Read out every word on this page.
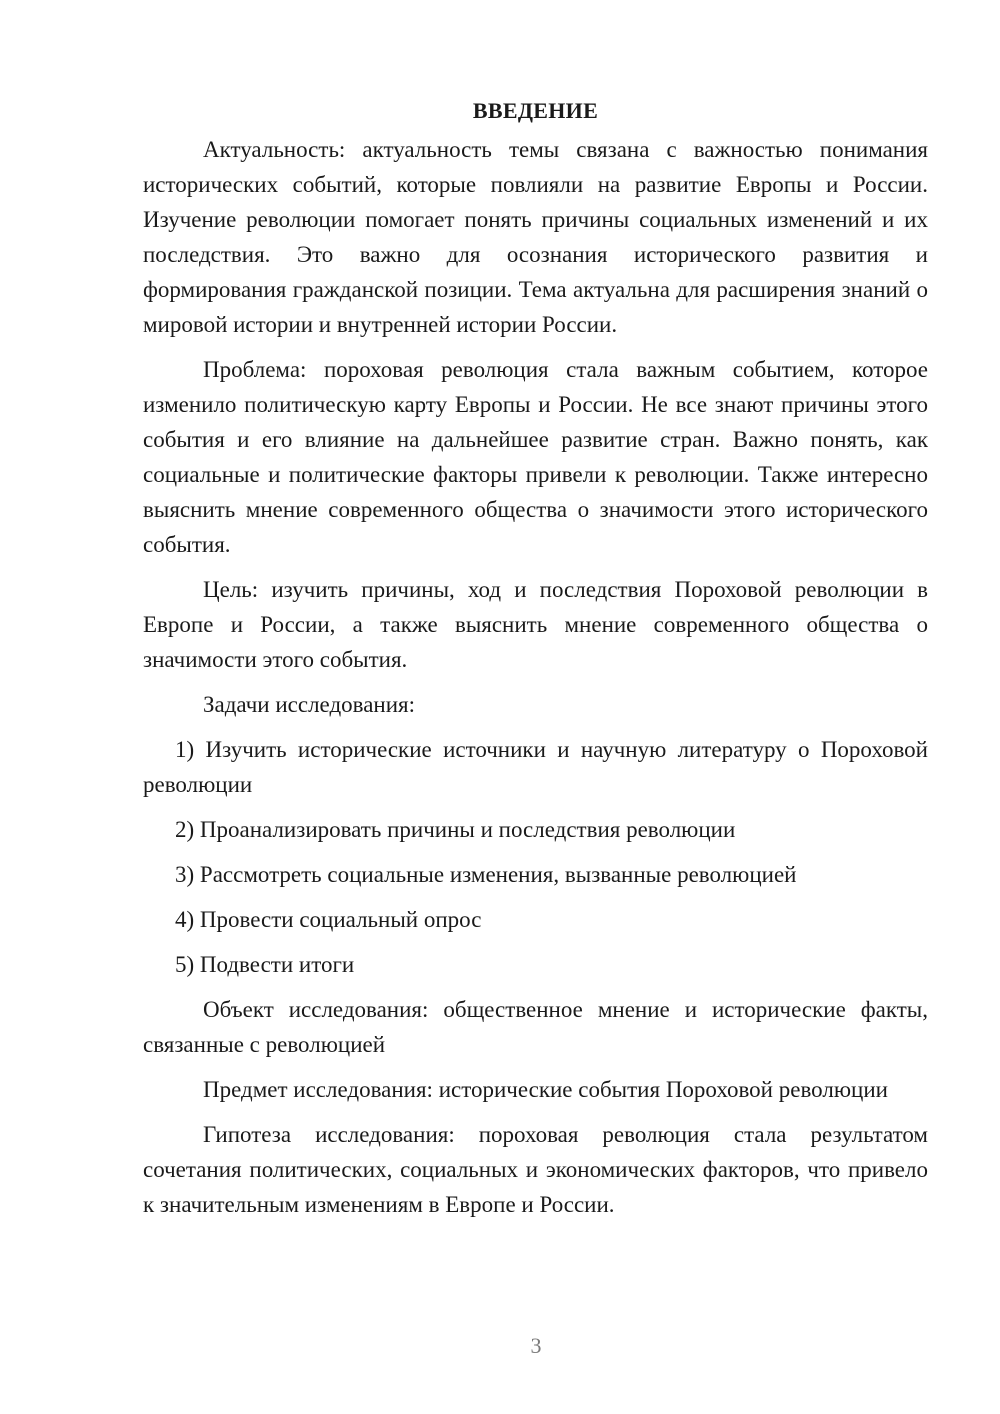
ВВЕДЕНИЕ

Актуальность: актуальность темы связана с важностью понимания исторических событий, которые повлияли на развитие Европы и России. Изучение революции помогает понять причины социальных изменений и их последствия. Это важно для осознания исторического развития и формирования гражданской позиции. Тема актуальна для расширения знаний о мировой истории и внутренней истории России.

Проблема: пороховая революция стала важным событием, которое изменило политическую карту Европы и России. Не все знают причины этого события и его влияние на дальнейшее развитие стран. Важно понять, как социальные и политические факторы привели к революции. Также интересно выяснить мнение современного общества о значимости этого исторического события.

Цель: изучить причины, ход и последствия Пороховой революции в Европе и России, а также выяснить мнение современного общества о значимости этого события.

Задачи исследования:

1) Изучить исторические источники и научную литературу о Пороховой революции

2) Проанализировать причины и последствия революции

3) Рассмотреть социальные изменения, вызванные революцией

4) Провести социальный опрос

5) Подвести итоги

Объект исследования: общественное мнение и исторические факты, связанные с революцией

Предмет исследования: исторические события Пороховой революции

Гипотеза исследования: пороховая революция стала результатом сочетания политических, социальных и экономических факторов, что привело к значительным изменениям в Европе и России.

3
